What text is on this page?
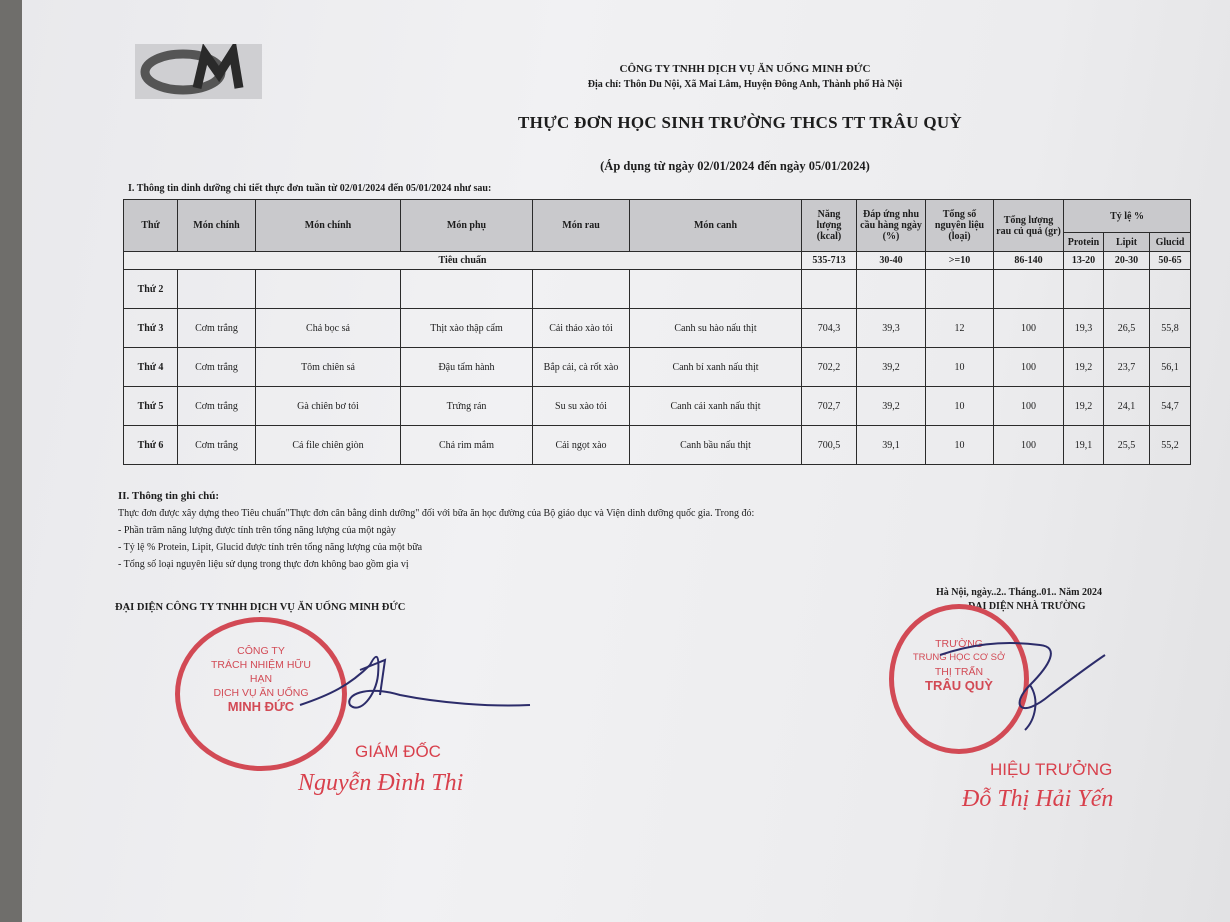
CÔNG TY TNHH DỊCH VỤ ĂN UỐNG MINH ĐỨC
Địa chỉ: Thôn Du Nội, Xã Mai Lâm, Huyện Đông Anh, Thành phố Hà Nội
THỰC ĐƠN HỌC SINH TRƯỜNG THCS TT TRÂU QUỲ
(Áp dụng từ ngày 02/01/2024 đến ngày 05/01/2024)
I. Thông tin dinh dưỡng chi tiết thực đơn tuần từ 02/01/2024 đến 05/01/2024 như sau:
Thứ	Món chính	Món chính	Món phụ	Món rau	Món canh	Năng lượng (kcal)	Đáp ứng nhu cầu hàng ngày (%)	Tổng số nguyên liệu (loại)	Tổng lượng rau củ quả (gr)	Tỷ lệ %		
										Protein	Lipit	Glucid
Tiêu chuẩn						535-713	30-40	>=10	86-140	13-20	20-30	50-65
Thứ 2												
Thứ 3	Cơm trắng	Chả bọc sả	Thịt xào thập cẩm	Cải thảo xào tỏi	Canh su hào nấu thịt	704,3	39,3	12	100	19,3	26,5	55,8
Thứ 4	Cơm trắng	Tôm chiên sả	Đậu tẩm hành	Bắp cải, cà rốt xào	Canh bí xanh nấu thịt	702,2	39,2	10	100	19,2	23,7	56,1
Thứ 5	Cơm trắng	Gà chiên bơ tỏi	Trứng rán	Su su xào tỏi	Canh cải xanh nấu thịt	702,7	39,2	10	100	19,2	24,1	54,7
Thứ 6	Cơm trắng	Cá file chiên giòn	Chả rim mắm	Cải ngọt xào	Canh bầu nấu thịt	700,5	39,1	10	100	19,1	25,5	55,2
II. Thông tin ghi chú:
Thực đơn được xây dựng theo Tiêu chuẩn"Thực đơn cân bằng dinh dưỡng" đối với bữa ăn học đường của Bộ giáo dục và Viện dinh dưỡng quốc gia. Trong đó:
- Phần trăm năng lượng được tính trên tổng năng lượng của một ngày
- Tỷ lệ % Protein, Lipit, Glucid được tính trên tổng năng lượng của một bữa
- Tổng số loại nguyên liệu sử dụng trong thực đơn không bao gồm gia vị
ĐẠI DIỆN CÔNG TY TNHH DỊCH VỤ ĂN UỐNG MINH ĐỨC
Hà Nội, ngày..2.. Tháng..01.. Năm 2024
ĐẠI DIỆN NHÀ TRƯỜNG
CÔNG TY
TRÁCH NHIỆM HỮU HẠN
DỊCH VỤ ĂN UỐNG
MINH ĐỨC
GIÁM ĐỐC
Nguyễn Đình Thi
TRƯỜNG
TRUNG HỌC CƠ SỞ
THỊ TRẤN
TRÂU QUỲ
HIỆU TRƯỞNG
Đỗ Thị Hải Yến
